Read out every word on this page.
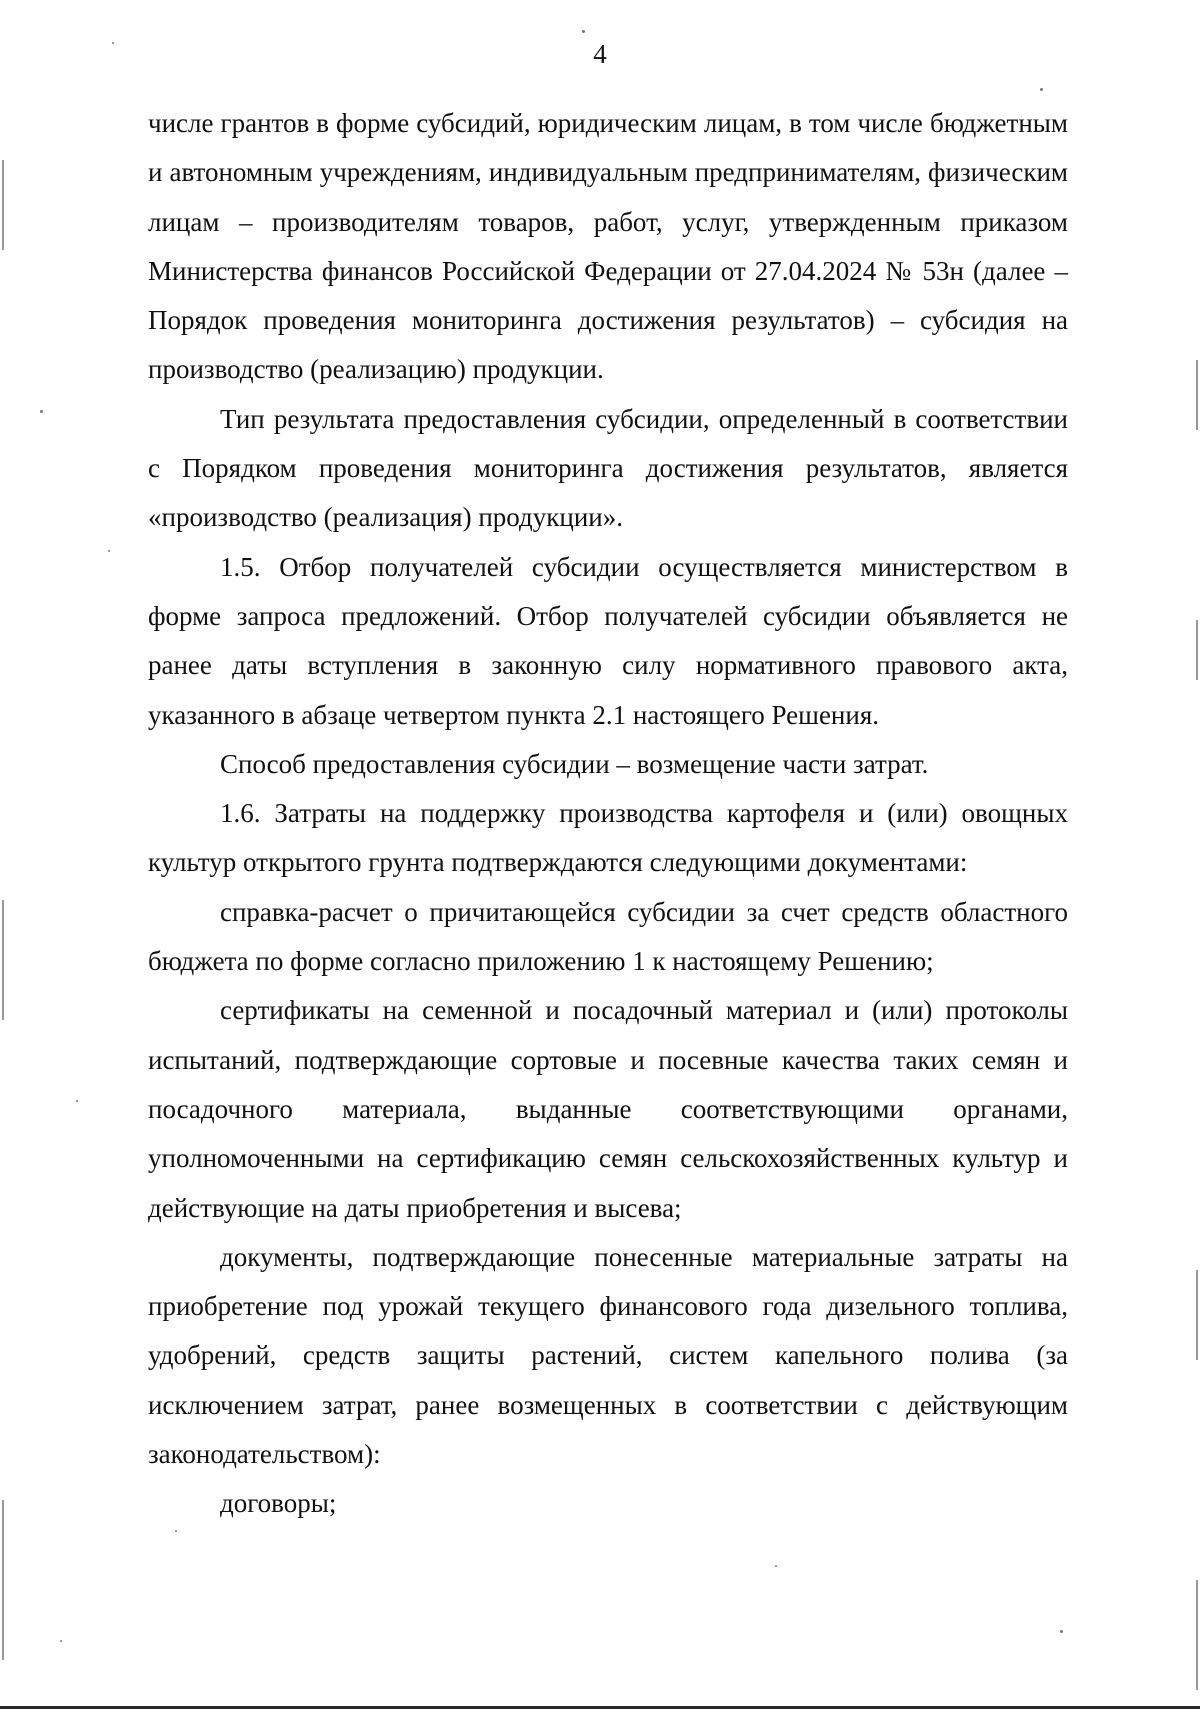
4

числе грантов в форме субсидий, юридическим лицам, в том числе бюджетным и автономным учреждениям, индивидуальным предпринимателям, физическим лицам – производителям товаров, работ, услуг, утвержденным приказом Министерства финансов Российской Федерации от 27.04.2024 № 53н (далее – Порядок проведения мониторинга достижения результатов) – субсидия на производство (реализацию) продукции.

Тип результата предоставления субсидии, определенный в соответствии с Порядком проведения мониторинга достижения результатов, является «производство (реализация) продукции».

1.5. Отбор получателей субсидии осуществляется министерством в форме запроса предложений. Отбор получателей субсидии объявляется не ранее даты вступления в законную силу нормативного правового акта, указанного в абзаце четвертом пункта 2.1 настоящего Решения.

Способ предоставления субсидии – возмещение части затрат.

1.6. Затраты на поддержку производства картофеля и (или) овощных культур открытого грунта подтверждаются следующими документами:

справка-расчет о причитающейся субсидии за счет средств областного бюджета по форме согласно приложению 1 к настоящему Решению;

сертификаты на семенной и посадочный материал и (или) протоколы испытаний, подтверждающие сортовые и посевные качества таких семян и посадочного материала, выданные соответствующими органами, уполномоченными на сертификацию семян сельскохозяйственных культур и действующие на даты приобретения и высева;

документы, подтверждающие понесенные материальные затраты на приобретение под урожай текущего финансового года дизельного топлива, удобрений, средств защиты растений, систем капельного полива (за исключением затрат, ранее возмещенных в соответствии с действующим законодательством):

договоры;
